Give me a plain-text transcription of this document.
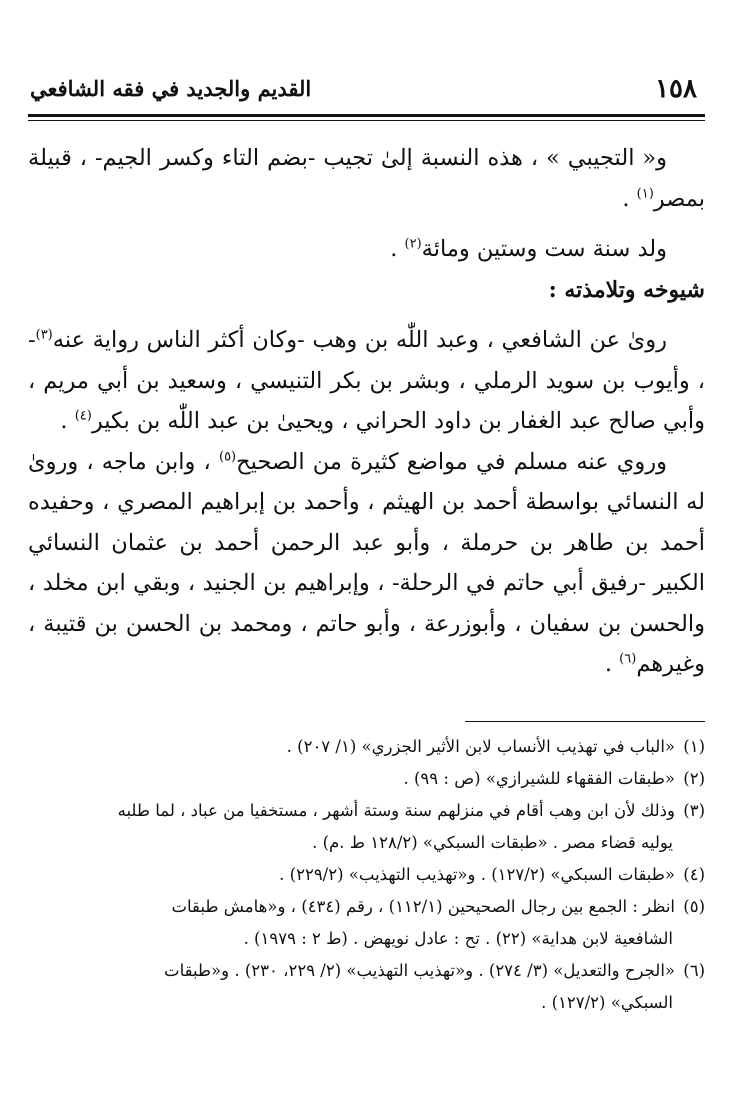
١٥٨
القديم والجديد في فقه الشافعي

و« التجيبي » ، هذه النسبة إلىٰ تجيب -بضم التاء وكسر الجيم- ، قبيلة بمصر$^{(١)}$ .

ولد سنة ست وستين ومائة$^{(٢)}$ .

شيوخه وتلامذته :

روىٰ عن الشافعي ، وعبد اللّٰه بن وهب -وكان أكثر الناس رواية عنه$^{(٣)}$- ، وأيوب بن سويد الرملي ، وبشر بن بكر التنيسي ، وسعيد بن أبي مريم ، وأبي صالح عبد الغفار بن داود الحراني ، ويحيىٰ بن عبد اللّٰه بن بكير$^{(٤)}$ .

وروي عنه مسلم في مواضع كثيرة من الصحيح$^{(٥)}$ ، وابن ماجه ، وروىٰ له النسائي بواسطة أحمد بن الهيثم ، وأحمد بن إبراهيم المصري ، وحفيده أحمد بن طاهر بن حرملة ، وأبو عبد الرحمن أحمد بن عثمان النسائي الكبير -رفيق أبي حاتم في الرحلة- ، وإبراهيم بن الجنيد ، وبقي ابن مخلد ، والحسن بن سفيان ، وأبوزرعة ، وأبو حاتم ، ومحمد بن الحسن بن قتيبة ، وغيرهم$^{(٦)}$ .

(١)«الباب في تهذيب الأنساب لابن الأثير الجزري» (١/ ٢٠٧) .

(٢)«طبقات الفقهاء للشيرازي» (ص : ٩٩) .

(٣)وذلك لأن ابن وهب أقام في منزلهم سنة وستة أشهر ، مستخفيا من عباد ، لما طلبه

يوليه قضاء مصر . «طبقات السبكي» (١٢٨/٢ ط .م) .

(٤)«طبقات السبكي» (١٢٧/٢) . و«تهذيب التهذيب» (٢٢٩/٢) .

(٥)انظر : الجمع بين رجال الصحيحين (١١٢/١) ، رقم (٤٣٤) ، و«هامش طبقات

الشافعية لابن هداية» (٢٢) . تح : عادل نويهض . (ط ٢ : ١٩٧٩) .

(٦)«الجرح والتعديل» (٣/ ٢٧٤) . و«تهذيب التهذيب» (٢/ ٢٢٩، ٢٣٠) . و«طبقات

السبكي» (١٢٧/٢) .
